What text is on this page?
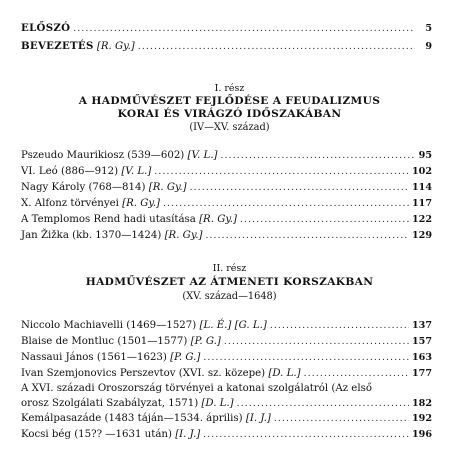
ELŐSZÓ .....	5
BEVEZETÉS [R. Gy.] .....	9
I. rész
A HADMŰVÉSZET FEJLŐDÉSE A FEUDALIZMUS
KORAI ÉS VIRÁGZÓ IDŐSZAKÁBAN
(IV—XV. század)
Pszeudo Maurikiosz (539—602) [V. L.] .....	95
VI. Leó (886—912) [V. L.] .....	102
Nagy Károly (768—814) [R. Gy.] .....	114
X. Alfonz törvényei [R. Gy.] .....	117
A Templomos Rend hadi utasítása [R. Gy.] .....	122
Jan Žižka (kb. 1370—1424) [R. Gy.] .....	129
II. rész
HADMŰVÉSZET AZ ÁTMENETI KORSZAKBAN
(XV. század—1648)
Niccolo Machiavelli (1469—1527) [L. É.] [G. L.] .....	137
Blaise de Montluc (1501—1577) [P. G.] .....	157
Nassaui János (1561—1623) [P. G.] .....	163
Ivan Szemjonovics Perszevtov (XVI. sz. közepe) [D. L.] .....	177
A XVI. századi Oroszország törvényei a katonai szolgálatról (Az első
orosz Szolgálati Szabályzat, 1571) [D. L.] .....	182
Kemálpasazáde (1483 táján—1534. április) [I. J.] .....	192
Kocsi bég (15?? —1631 után) [I. J.] .....	196
